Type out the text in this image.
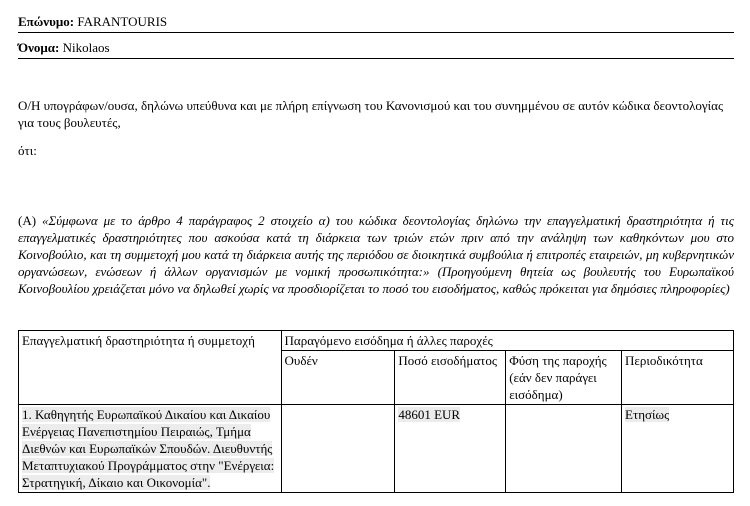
Επώνυμο: FARANTOURIS
Όνομα: Nikolaos
Ο/Η υπογράφων/ουσα, δηλώνω υπεύθυνα και με πλήρη επίγνωση του Κανονισμού και του συνημμένου σε αυτόν κώδικα δεοντολογίας για τους βουλευτές,
ότι:
(A) «Σύμφωνα με το άρθρο 4 παράγραφος 2 στοιχείο α) του κώδικα δεοντολογίας δηλώνω την επαγγελματική δραστηριότητα ή τις επαγγελματικές δραστηριότητες που ασκούσα κατά τη διάρκεια των τριών ετών πριν από την ανάληψη των καθηκόντων μου στο Κοινοβούλιο, και τη συμμετοχή μου κατά τη διάρκεια αυτής της περιόδου σε διοικητικά συμβούλια ή επιτροπές εταιρειών, μη κυβερνητικών οργανώσεων, ενώσεων ή άλλων οργανισμών με νομική προσωπικότητα:» (Προηγούμενη θητεία ως βουλευτής του Ευρωπαϊκού Κοινοβουλίου χρειάζεται μόνο να δηλωθεί χωρίς να προσδιορίζεται το ποσό του εισοδήματος, καθώς πρόκειται για δημόσιες πληροφορίες)
Επαγγελματική δραστηριότητα ή συμμετοχή	Παραγόμενο εισόδημα ή άλλες παροχές			
	Ουδέν	Ποσό εισοδήματος	Φύση της παροχής (εάν δεν παράγει εισόδημα)	Περιοδικότητα
1. Καθηγητής Ευρωπαϊκού Δικαίου και Δικαίου Ενέργειας Πανεπιστημίου Πειραιώς, Τμήμα Διεθνών και Ευρωπαϊκών Σπουδών. Διευθυντής Μεταπτυχιακού Προγράμματος στην "Ενέργεια: Στρατηγική, Δίκαιο και Οικονομία".		48601 EUR		Ετησίως
